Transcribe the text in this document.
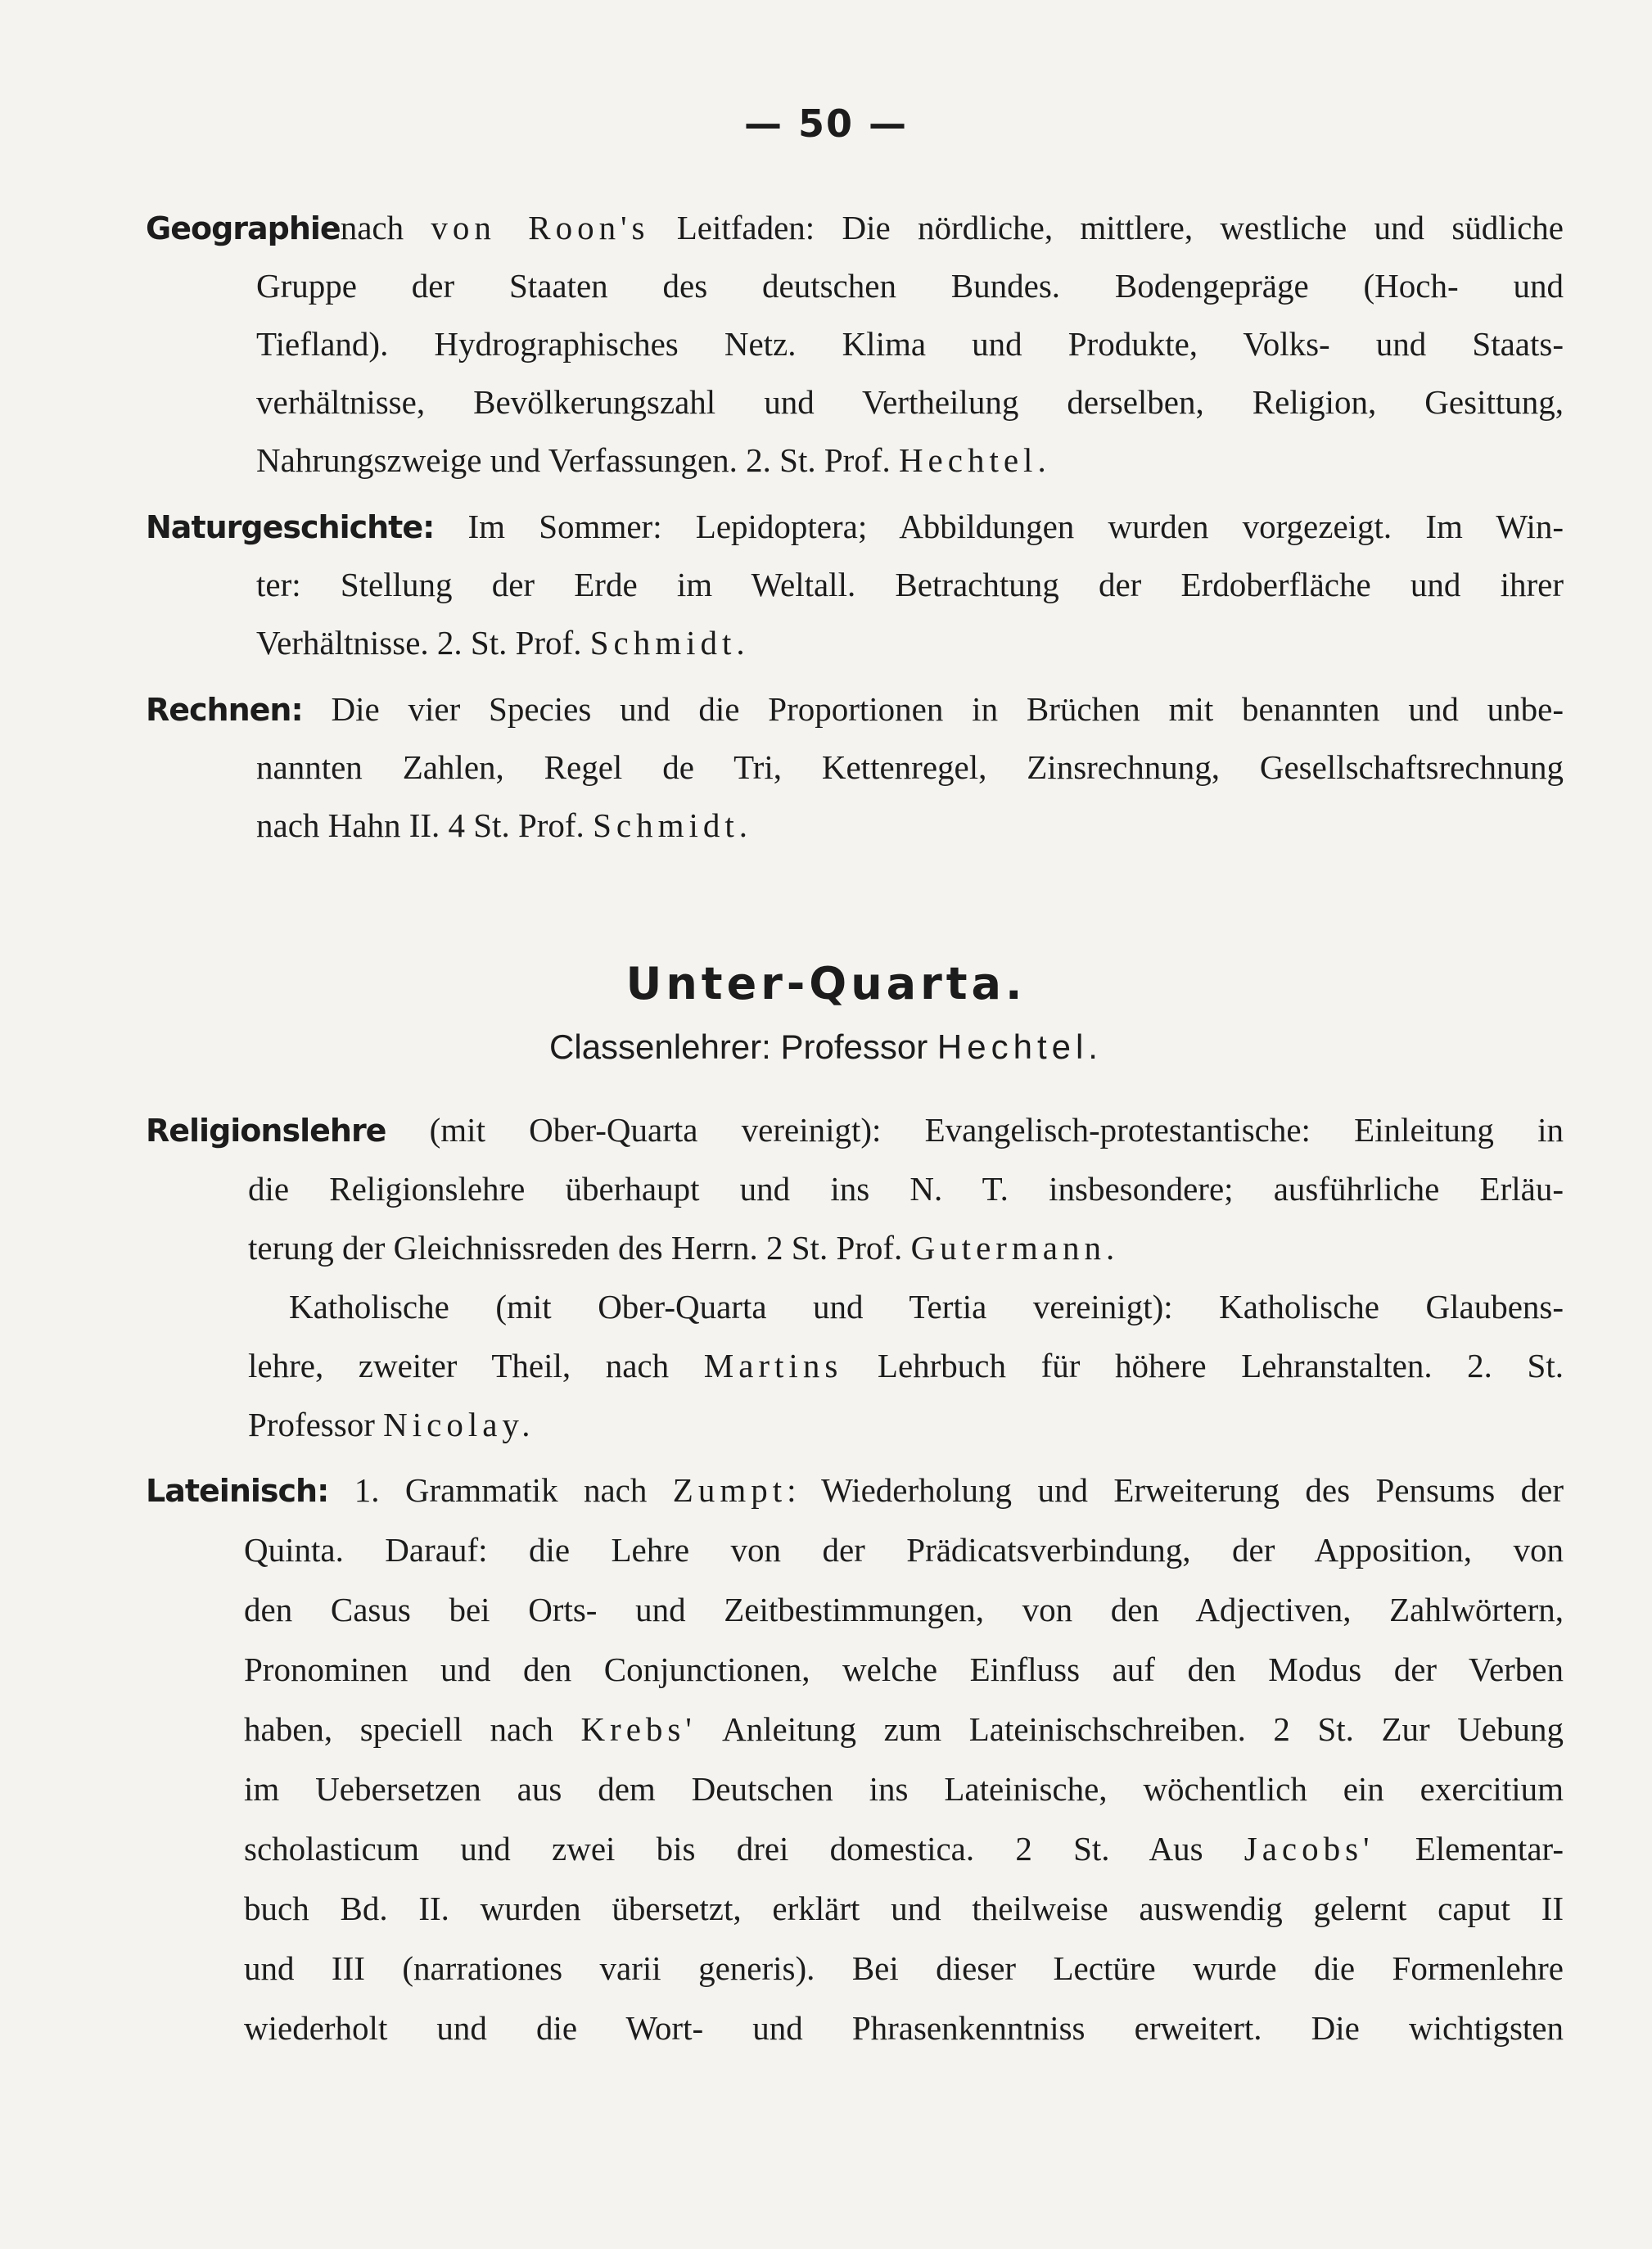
— 50 —
Geographienach von Roon's Leitfaden: Die nördliche, mittlere, westliche und südliche
Gruppe der Staaten des deutschen Bundes. Bodengepräge (Hoch- und
Tiefland). Hydrographisches Netz. Klima und Produkte, Volks- und Staats-
verhältnisse, Bevölkerungszahl und Vertheilung derselben, Religion, Gesittung,
Nahrungszweige und Verfassungen. 2. St. Prof. Hechtel.
Naturgeschichte: Im Sommer: Lepidoptera; Abbildungen wurden vorgezeigt. Im Win-
ter: Stellung der Erde im Weltall. Betrachtung der Erdoberfläche und ihrer
Verhältnisse. 2. St. Prof. Schmidt.
Rechnen: Die vier Species und die Proportionen in Brüchen mit benannten und unbe-
nannten Zahlen, Regel de Tri, Kettenregel, Zinsrechnung, Gesellschaftsrechnung
nach Hahn II. 4 St. Prof. Schmidt.
Unter-Quarta.
Classenlehrer: Professor Hechtel.
Religionslehre (mit Ober-Quarta vereinigt): Evangelisch-protestantische: Einleitung in
die Religionslehre überhaupt und ins N. T. insbesondere; ausführliche Erläu-
terung der Gleichnissreden des Herrn. 2 St. Prof. Gutermann.
Katholische (mit Ober-Quarta und Tertia vereinigt): Katholische Glaubens-
lehre, zweiter Theil, nach Martins Lehrbuch für höhere Lehranstalten. 2. St.
Professor Nicolay.
Lateinisch: 1. Grammatik nach Zumpt: Wiederholung und Erweiterung des Pensums der
Quinta. Darauf: die Lehre von der Prädicatsverbindung, der Apposition, von
den Casus bei Orts- und Zeitbestimmungen, von den Adjectiven, Zahlwörtern,
Pronominen und den Conjunctionen, welche Einfluss auf den Modus der Verben
haben, speciell nach Krebs' Anleitung zum Lateinischschreiben. 2 St. Zur Uebung
im Uebersetzen aus dem Deutschen ins Lateinische, wöchentlich ein exercitium
scholasticum und zwei bis drei domestica. 2 St. Aus Jacobs' Elementar-
buch Bd. II. wurden übersetzt, erklärt und theilweise auswendig gelernt caput II
und III (narrationes varii generis). Bei dieser Lectüre wurde die Formenlehre
wiederholt und die Wort- und Phrasenkenntniss erweitert. Die wichtigsten
